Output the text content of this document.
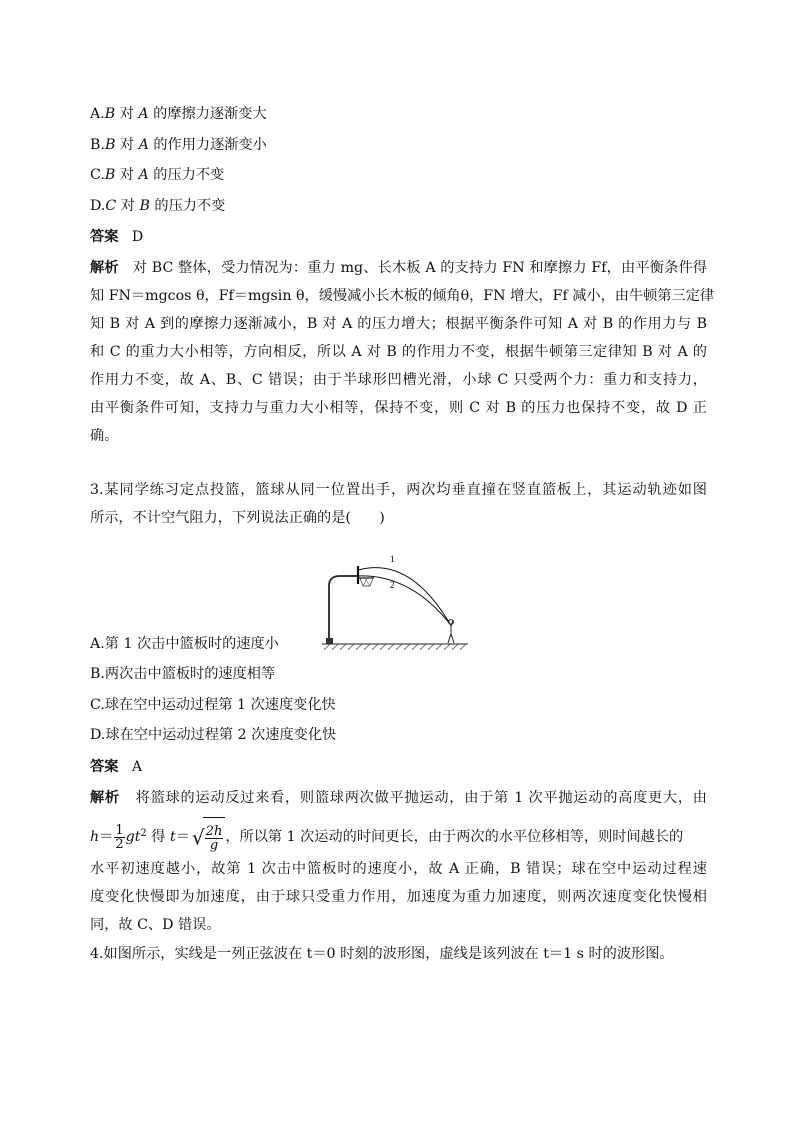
A.B 对 A 的摩擦力逐渐变大
B.B 对 A 的作用力逐渐变小
C.B 对 A 的压力不变
D.C 对 B 的压力不变
答案 D
解析 对 BC 整体，受力情况为：重力 mg、长木板 A 的支持力 FN 和摩擦力 Ff，由平衡条件得
知 FN＝mgcos θ，Ff＝mgsin θ，缓慢减小长木板的倾角θ，FN 增大，Ff 减小，由牛顿第三定律
知 B 对 A 到的摩擦力逐渐减小，B 对 A 的压力增大；根据平衡条件可知 A 对 B 的作用力与 B
和 C 的重力大小相等，方向相反，所以 A 对 B 的作用力不变，根据牛顿第三定律知 B 对 A 的
作用力不变，故 A、B、C 错误；由于半球形凹槽光滑，小球 C 只受两个力：重力和支持力，
由平衡条件可知，支持力与重力大小相等，保持不变，则 C 对 B 的压力也保持不变，故 D 正
确。
3.某同学练习定点投篮，篮球从同一位置出手，两次均垂直撞在竖直篮板上，其运动轨迹如图
所示，不计空气阻力，下列说法正确的是(　　)
A.第 1 次击中篮板时的速度小
B.两次击中篮板时的速度相等
C.球在空中运动过程第 1 次速度变化快
D.球在空中运动过程第 2 次速度变化快
答案 A
解析 将篮球的运动反过来看，则篮球两次做平抛运动，由于第 1 次平抛运动的高度更大，由
$h= \frac{1}{2} gt^2$ 得 t＝ √ $\frac{2h}{g}$ ，所以第 1 次运动的时间更长，由于两次的水平位移相等，则时间越长的
水平初速度越小，故第 1 次击中篮板时的速度小，故 A 正确，B 错误；球在空中运动过程速
度变化快慢即为加速度，由于球只受重力作用，加速度为重力加速度，则两次速度变化快慢相
同，故 C、D 错误。
4.如图所示，实线是一列正弦波在 t＝0 时刻的波形图，虚线是该列波在 t＝1 s 时的波形图。
1
2
